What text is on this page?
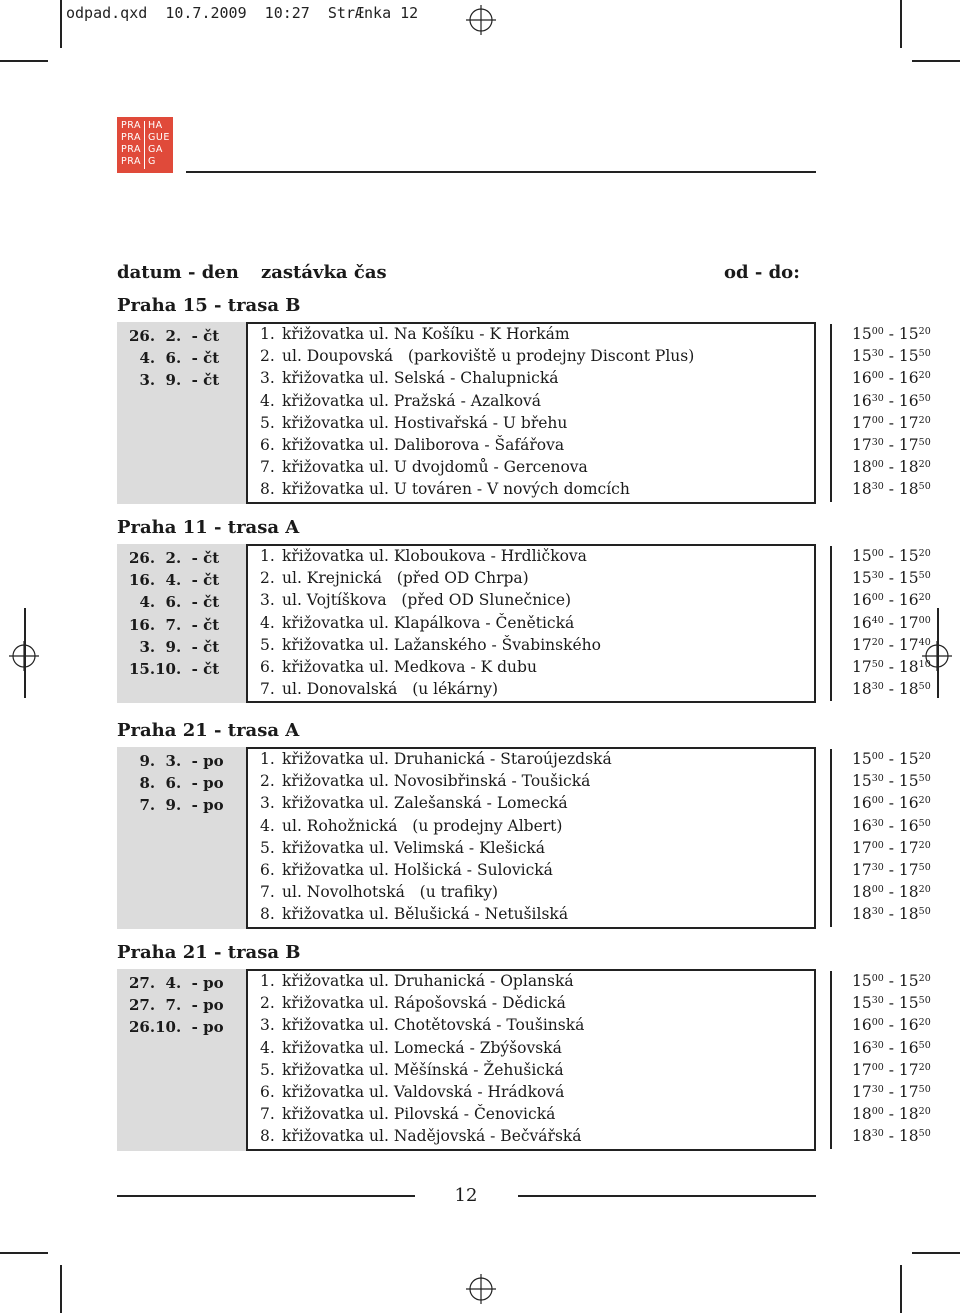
odpad.qxd  10.7.2009  10:27  StrÆnka 12
PRA
PRA
PRA
PRA
HA
GUE
GA
G
datum - den zastávka čas	od - do:
Praha 15 - trasa B
26.  2.  - čt
4.  6.  - čt
3.  9.  - čt
1. křižovatka ul. Na Košíku - K Horkám	$15^{00} - 15^{20}$
2. ul. Doupovská   (parkoviště u prodejny Discont Plus)	$15^{30} - 15^{50}$
3. křižovatka ul. Selská - Chalupnická	$16^{00} - 16^{20}$
4. křižovatka ul. Pražská - Azalková	$16^{30} - 16^{50}$
5. křižovatka ul. Hostivařská - U břehu	$17^{00} - 17^{20}$
6. křižovatka ul. Daliborova - Šafářova	$17^{30} - 17^{50}$
7. křižovatka ul. U dvojdomů - Gercenova	$18^{00} - 18^{20}$
8. křižovatka ul. U továren - V nových domcích	$18^{30} - 18^{50}$
Praha 11 - trasa A
26.  2.  - čt
16.  4.  - čt
4.  6.  - čt
16.  7.  - čt
3.  9.  - čt
15.10.  - čt
1. křižovatka ul. Kloboukova - Hrdličkova	$15^{00} - 15^{20}$
2. ul. Krejnická   (před OD Chrpa)	$15^{30} - 15^{50}$
3. ul. Vojtíškova   (před OD Slunečnice)	$16^{00} - 16^{20}$
4. křižovatka ul. Klapálkova - Čenětická	$16^{40} - 17^{00}$
5. křižovatka ul. Lažanského - Švabinského	$17^{20} - 17^{40}$
6. křižovatka ul. Medkova - K dubu	$17^{50} - 18^{10}$
7. ul. Donovalská   (u lékárny)	$18^{30} - 18^{50}$
Praha 21 - trasa A
9.  3.  - po
8.  6.  - po
7.  9.  - po
1. křižovatka ul. Druhanická - Staroújezdská	$15^{00} - 15^{20}$
2. křižovatka ul. Novosibřinská - Toušická	$15^{30} - 15^{50}$
3. křižovatka ul. Zalešanská - Lomecká	$16^{00} - 16^{20}$
4. ul. Rohožnická   (u prodejny Albert)	$16^{30} - 16^{50}$
5. křižovatka ul. Velimská - Klešická	$17^{00} - 17^{20}$
6. křižovatka ul. Holšická - Sulovická	$17^{30} - 17^{50}$
7. ul. Novolhotská   (u trafiky)	$18^{00} - 18^{20}$
8. křižovatka ul. Bělušická - Netušilská	$18^{30} - 18^{50}$
Praha 21 - trasa B
27.  4.  - po
27.  7.  - po
26.10.  - po
1. křižovatka ul. Druhanická - Oplanská	$15^{00} - 15^{20}$
2. křižovatka ul. Rápošovská - Dědická	$15^{30} - 15^{50}$
3. křižovatka ul. Chotětovská - Toušinská	$16^{00} - 16^{20}$
4. křižovatka ul. Lomecká - Zbýšovská	$16^{30} - 16^{50}$
5. křižovatka ul. Měšínská - Žehušická	$17^{00} - 17^{20}$
6. křižovatka ul. Valdovská - Hrádková	$17^{30} - 17^{50}$
7. křižovatka ul. Pilovská - Čenovická	$18^{00} - 18^{20}$
8. křižovatka ul. Nadějovská - Bečvářská	$18^{30} - 18^{50}$
12
